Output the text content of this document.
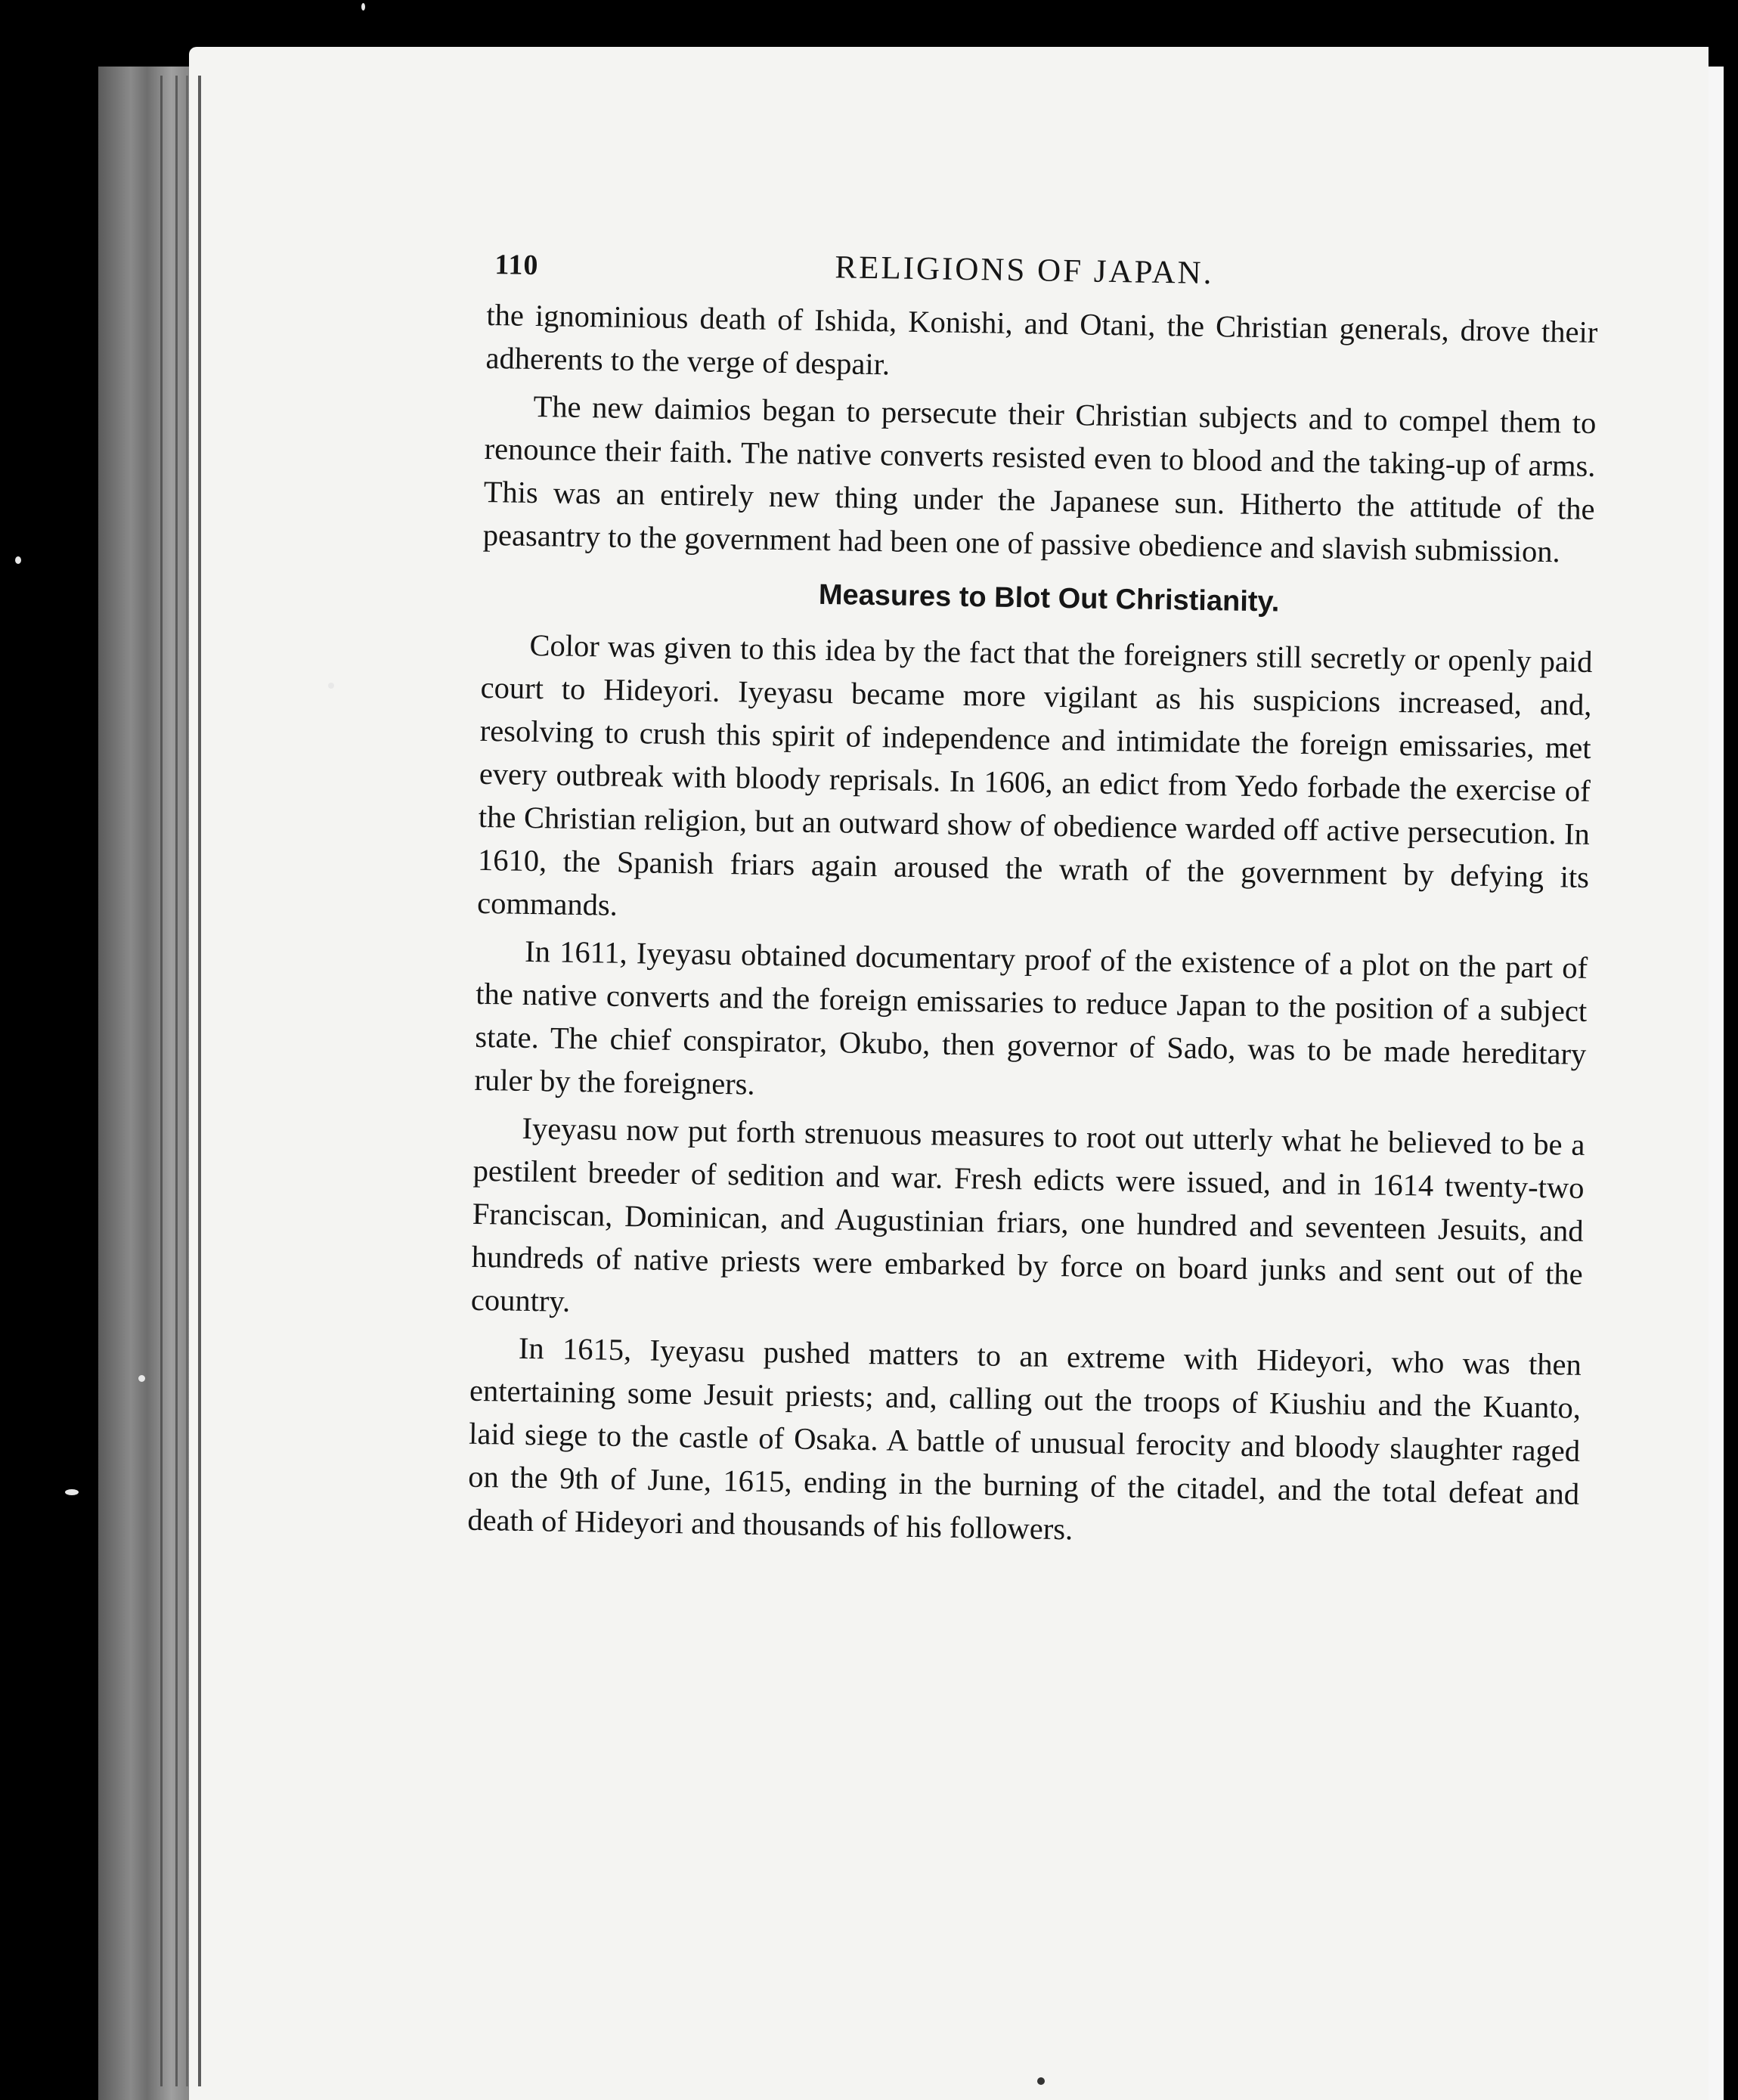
110	RELIGIONS OF JAPAN.

the ignominious death of Ishida, Konishi, and Otani, the Christian generals, drove their adherents to the verge of despair.

The new daimios began to persecute their Christian subjects and to compel them to renounce their faith. The native converts resisted even to blood and the taking-up of arms. This was an entirely new thing under the Japanese sun. Hitherto the attitude of the peasantry to the government had been one of passive obedience and slavish submission.

Measures to Blot Out Christianity.

Color was given to this idea by the fact that the foreigners still secretly or openly paid court to Hideyori. Iyeyasu became more vigilant as his suspicions increased, and, resolving to crush this spirit of independence and intimidate the foreign emissaries, met every outbreak with bloody reprisals. In 1606, an edict from Yedo forbade the exercise of the Christian religion, but an outward show of obedience warded off active persecution. In 1610, the Spanish friars again aroused the wrath of the government by defying its commands.

In 1611, Iyeyasu obtained documentary proof of the existence of a plot on the part of the native converts and the foreign emissaries to reduce Japan to the position of a subject state. The chief conspirator, Okubo, then governor of Sado, was to be made hereditary ruler by the foreigners.

Iyeyasu now put forth strenuous measures to root out utterly what he believed to be a pestilent breeder of sedition and war. Fresh edicts were issued, and in 1614 twenty-two Franciscan, Dominican, and Augustinian friars, one hundred and seventeen Jesuits, and hundreds of native priests were embarked by force on board junks and sent out of the country.

In 1615, Iyeyasu pushed matters to an extreme with Hideyori, who was then entertaining some Jesuit priests; and, calling out the troops of Kiushiu and the Kuanto, laid siege to the castle of Osaka. A battle of unusual ferocity and bloody slaughter raged on the 9th of June, 1615, ending in the burning of the citadel, and the total defeat and death of Hideyori and thousands of his followers.
